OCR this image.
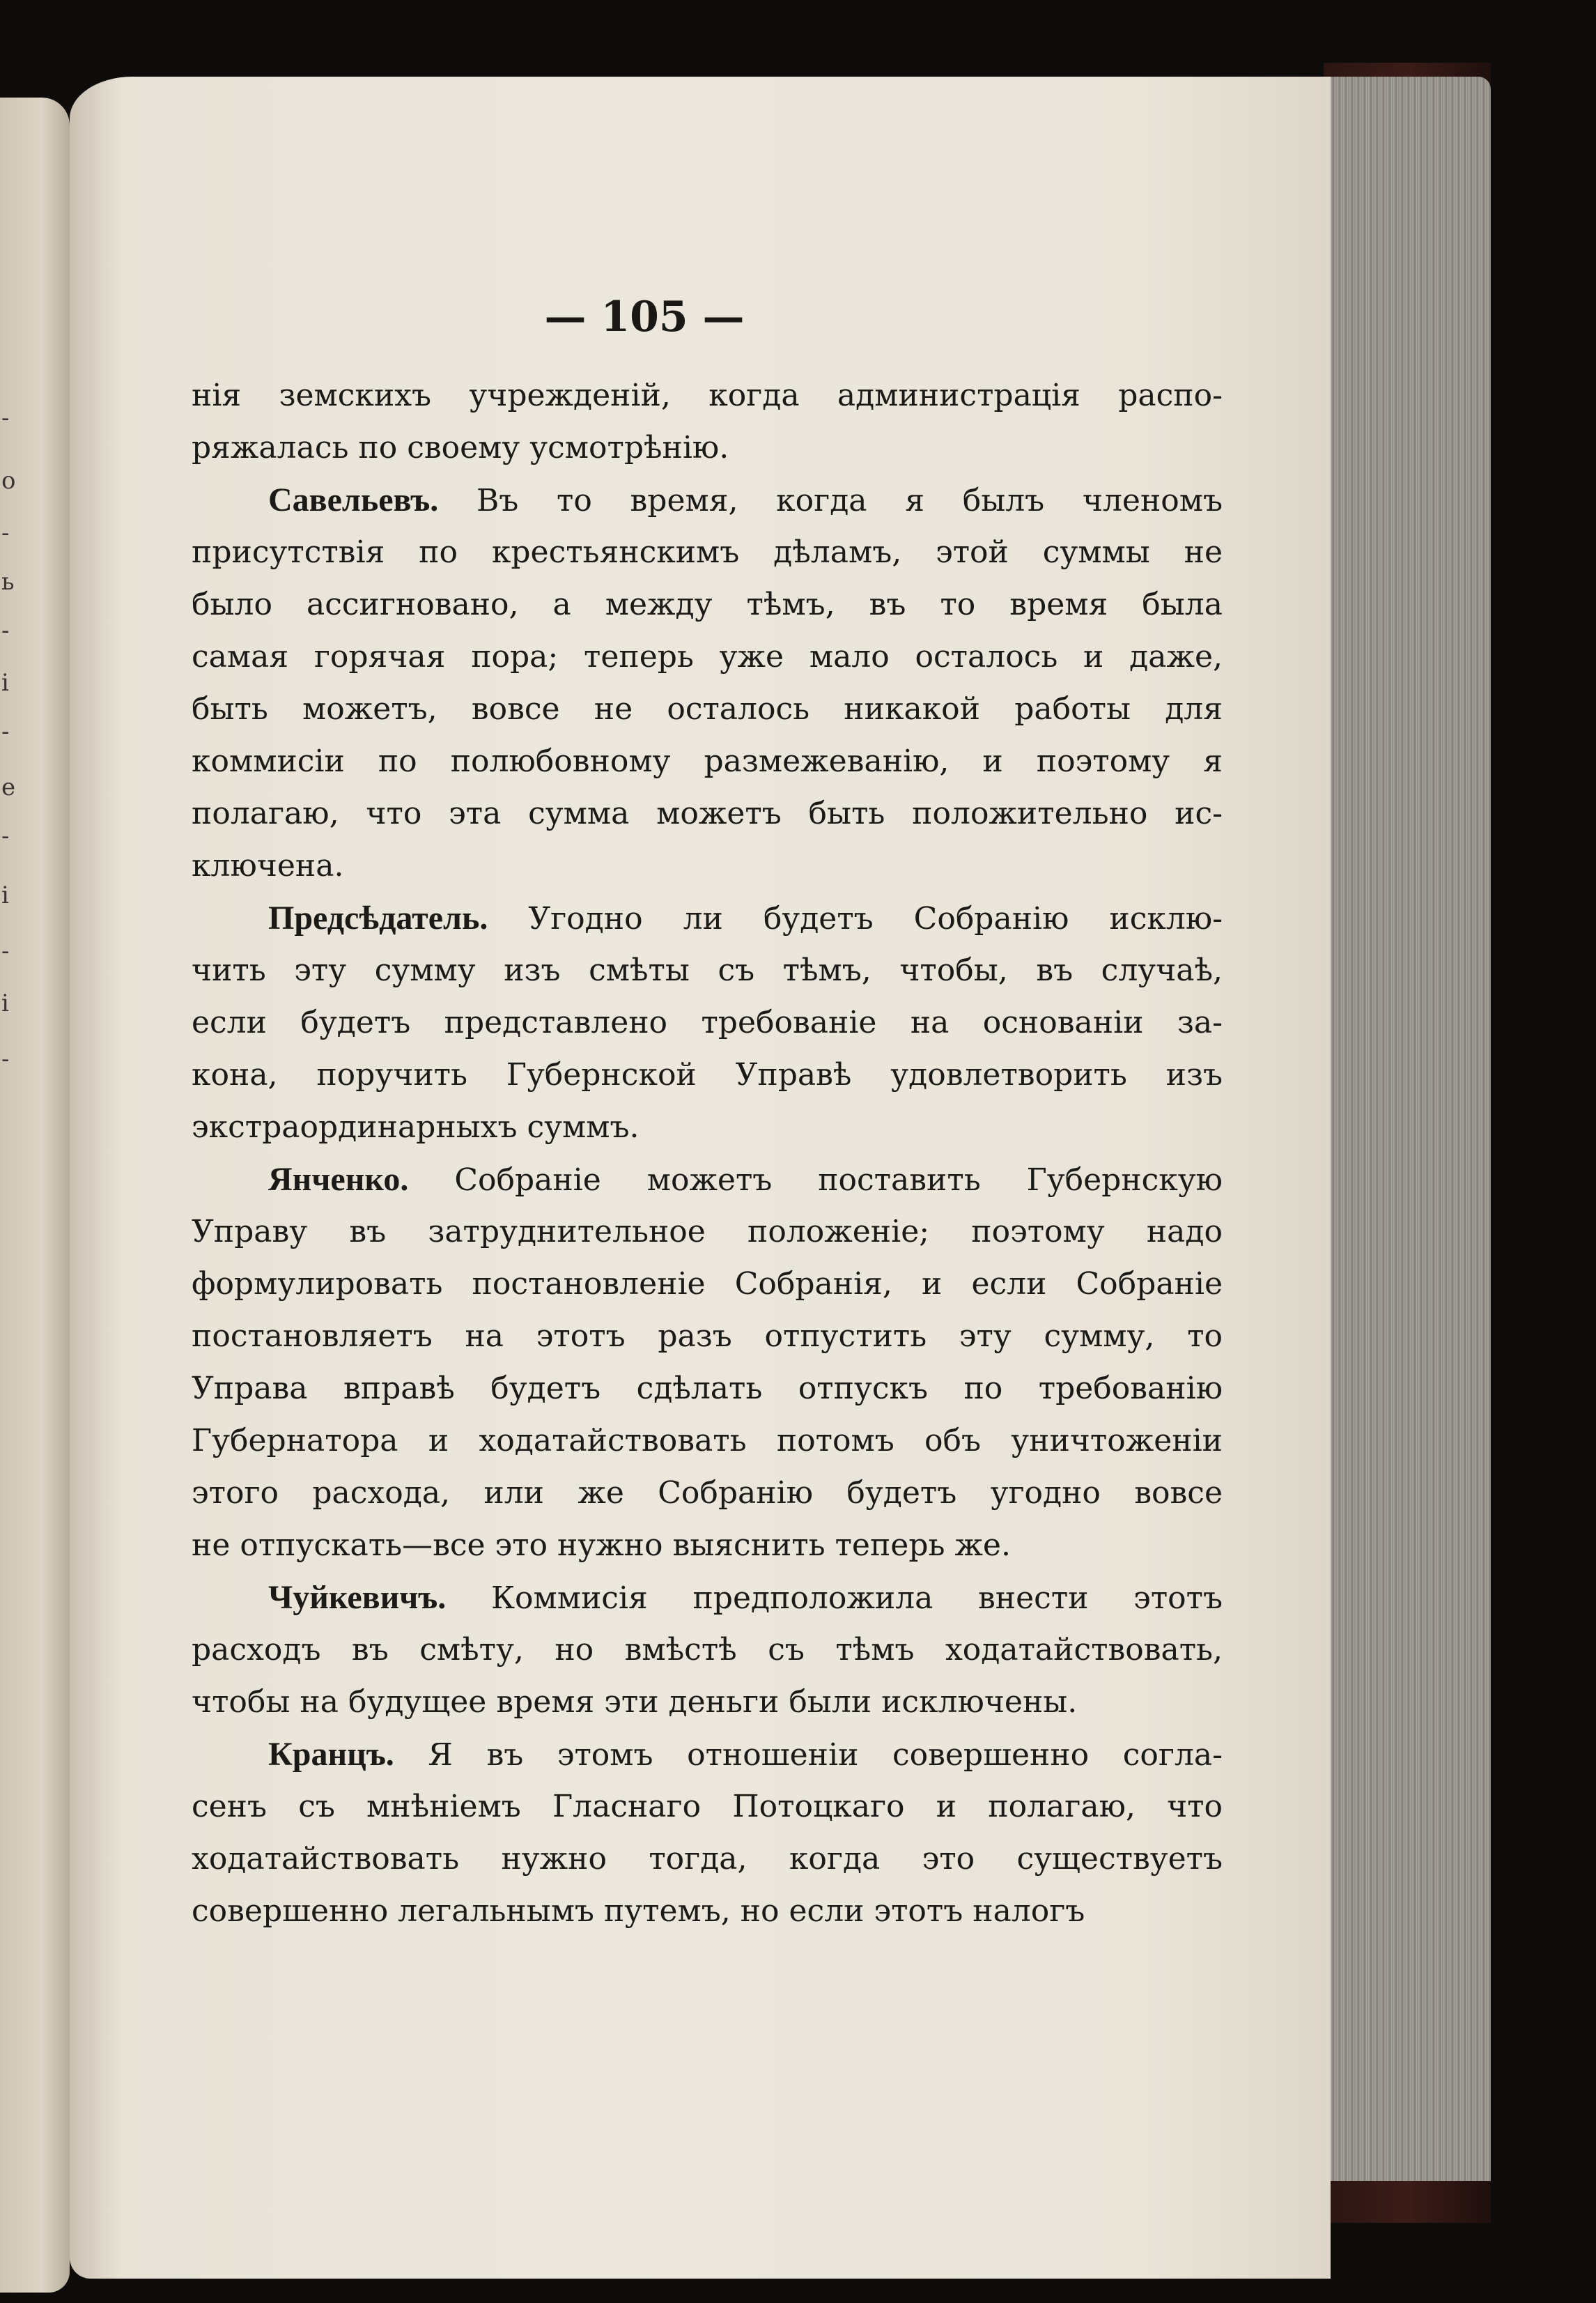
-
о
-
ь
-
і
-
е
-
і
-
і
-
— 105 —
нія земскихъ учрежденій, когда администрація распо-
ряжалась по своему усмотрѣнію.
Савельевъ. Въ то время, когда я былъ членомъ
присутствія по крестьянскимъ дѣламъ, этой суммы не
было ассигновано, а между тѣмъ, въ то время была
самая горячая пора; теперь уже мало осталось и даже,
быть можетъ, вовсе не осталось никакой работы для
коммисіи по полюбовному размежеванію, и поэтому я
полагаю, что эта сумма можетъ быть положительно ис-
ключена.
Предсѣдатель. Угодно ли будетъ Собранію исклю-
чить эту сумму изъ смѣты съ тѣмъ, чтобы, въ случаѣ,
если будетъ представлено требованіе на основаніи за-
кона, поручить Губернской Управѣ удовлетворить изъ
экстраординарныхъ суммъ.
Янченко. Собраніе можетъ поставить Губернскую
Управу въ затруднительное положеніе; поэтому надо
формулировать постановленіе Собранія, и если Собраніе
постановляетъ на этотъ разъ отпустить эту сумму, то
Управа вправѣ будетъ сдѣлать отпускъ по требованію
Губернатора и ходатайствовать потомъ объ уничтоженіи
этого расхода, или же Собранію будетъ угодно вовсе
не отпускать—все это нужно выяснить теперь же.
Чуйкевичъ. Коммисія предположила внести этотъ
расходъ въ смѣту, но вмѣстѣ съ тѣмъ ходатайствовать,
чтобы на будущее время эти деньги были исключены.
Кранцъ. Я въ этомъ отношеніи совершенно согла-
сенъ съ мнѣніемъ Гласнаго Потоцкаго и полагаю, что
ходатайствовать нужно тогда, когда это существуетъ
совершенно легальнымъ путемъ, но если этотъ налогъ
